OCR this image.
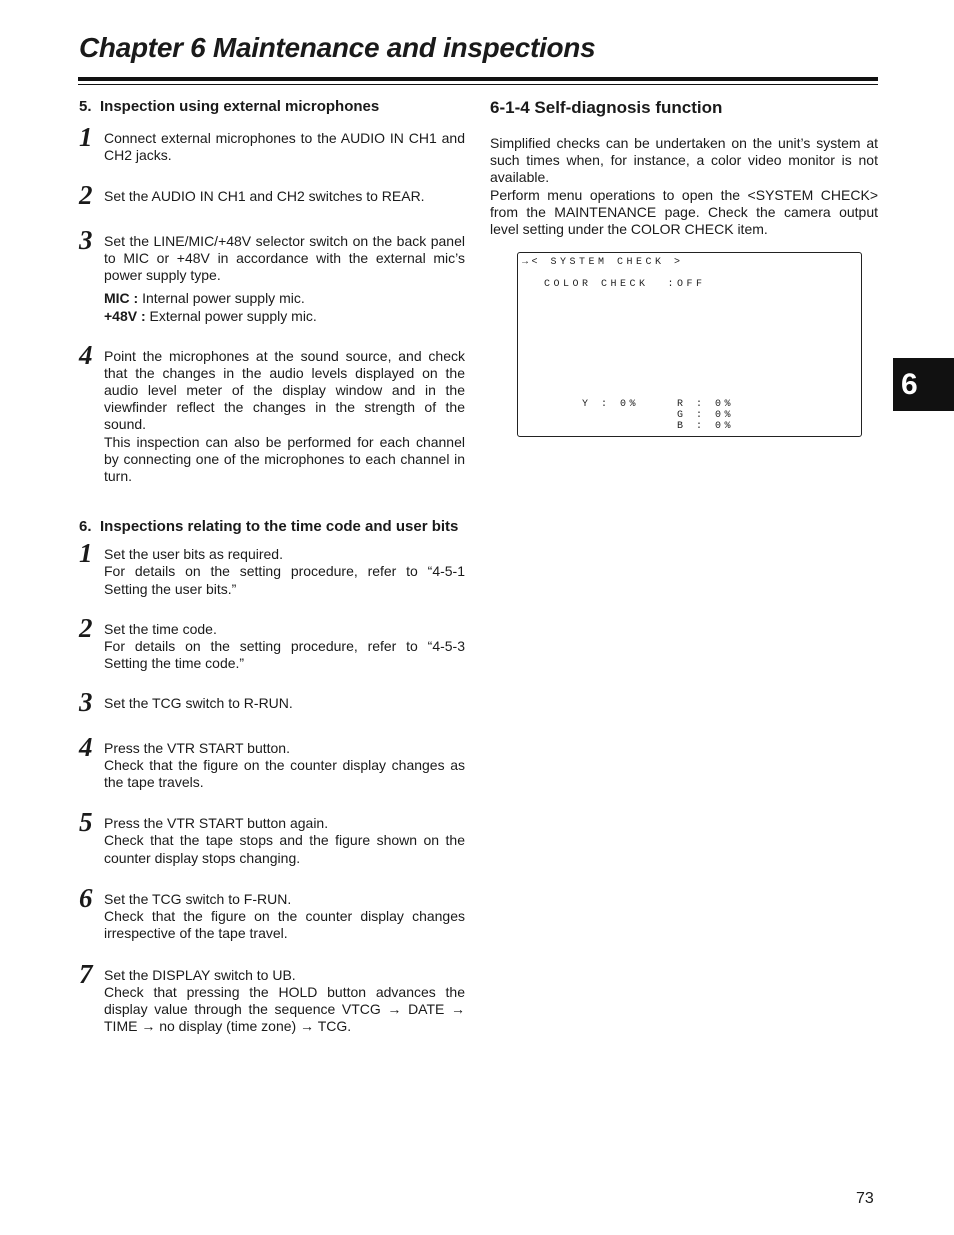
Chapter 6 Maintenance and inspections
5. Inspection using external microphones
1 Connect external microphones to the AUDIO IN CH1 and CH2 jacks.

2 Set the AUDIO IN CH1 and CH2 switches to REAR.

3 Set the LINE/MIC/+48V selector switch on the back panel to MIC or +48V in accordance with the external mic’s power supply type.

MIC : Internal power supply mic.

+48V : External power supply mic.

4 Point the microphones at the sound source, and check that the changes in the audio levels displayed on the audio level meter of the display window and in the viewfinder reflect the changes in the strength of the sound.

This inspection can also be performed for each channel by connecting one of the microphones to each channel in turn.

6. Inspections relating to the time code and user bits
1 Set the user bits as required.

For details on the setting procedure, refer to “4-5-1 Setting the user bits.”

2 Set the time code.

For details on the setting procedure, refer to “4-5-3 Setting the time code.”

3 Set the TCG switch to R-RUN.

4 Press the VTR START button.

Check that the figure on the counter display changes as the tape travels.

5 Press the VTR START button again.

Check that the tape stops and the figure shown on the counter display stops changing.

6 Set the TCG switch to F-RUN.

Check that the figure on the counter display changes irrespective of the tape travel.

7 Set the DISPLAY switch to UB.

Check that pressing the HOLD button advances the display value through the sequence VTCG → DATE → TIME → no display (time zone) → TCG.

6-1-4 Self-diagnosis function

Simplified checks can be undertaken on the unit’s system at such times when, for instance, a color video monitor is not available.

Perform menu operations to open the <SYSTEM CHECK> from the MAINTENANCE page. Check the camera output level setting under the COLOR CHECK item.

→< SYSTEM CHECK >
COLOR CHECK  :OFF
Y : 0%	R : 0%
G : 0%
B : 0%
6
73
